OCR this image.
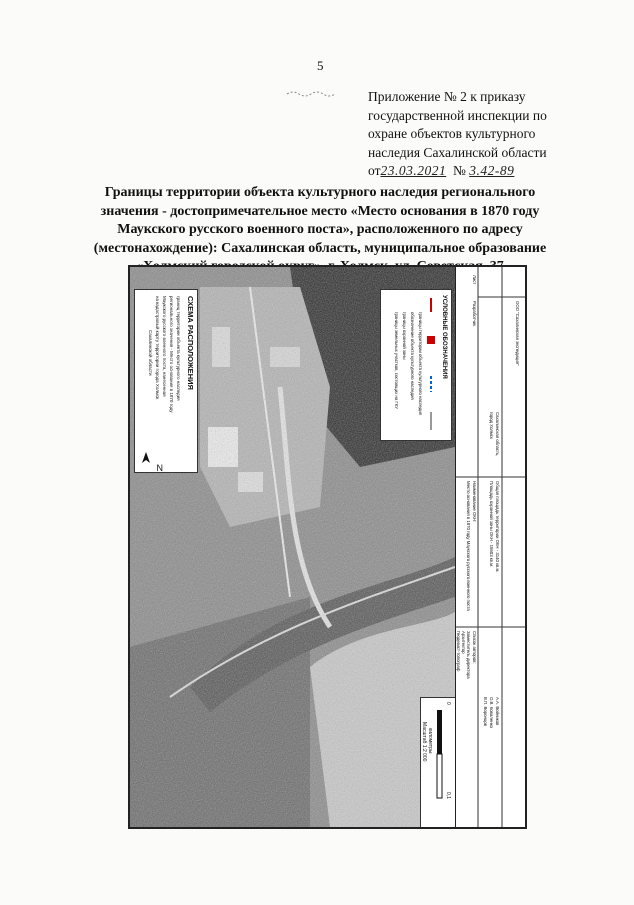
5
Приложение № 2 к приказу
государственной инспекции по
охране объектов культурного
наследия Сахалинской области
от23.03.2021 № 3.42-89
Границы территории объекта культурного наследия регионального
значения - достопримечательное место «Место основания в 1870 году
Маукского русского военного поста», расположенного по адресу
(местонахождение): Сахалинская область, муниципальное образование
СХЕМА РАСПОЛОЖЕНИЯ
границ территории объекта культурного наследия
регионального значения - Место основания в 1870 году
Маукского русского военного поста, нанесенная
на кадастровый карту территории города Холмск
Сахалинской области
N
УСЛОВНЫЕ ОБОЗНАЧЕНИЯ
границы территории объекта культурного наследия
обозначение объекта культурного наследия
границы охранной зоны
границы земельных участков, состоящих на ГКУ
0
0,1
километры
Масштаб 1:2 000
Наименование ОКН:
Место основания в 1870 году Маукского русского военного поста	Общая площадь территории ОКН - 3140 кв.м.
Площадь охранной зоны ОКН - 15503 кв.м.
Сахалинская область,
город Холмск
Разработчик	ООО "Сахалинская экспедиция"
Лист
Список авторов:
Заместитель директора
Архитектор
Геодезист-топограф
А.А. Войников
О.В. Коваленко
В.П. Воронцов
